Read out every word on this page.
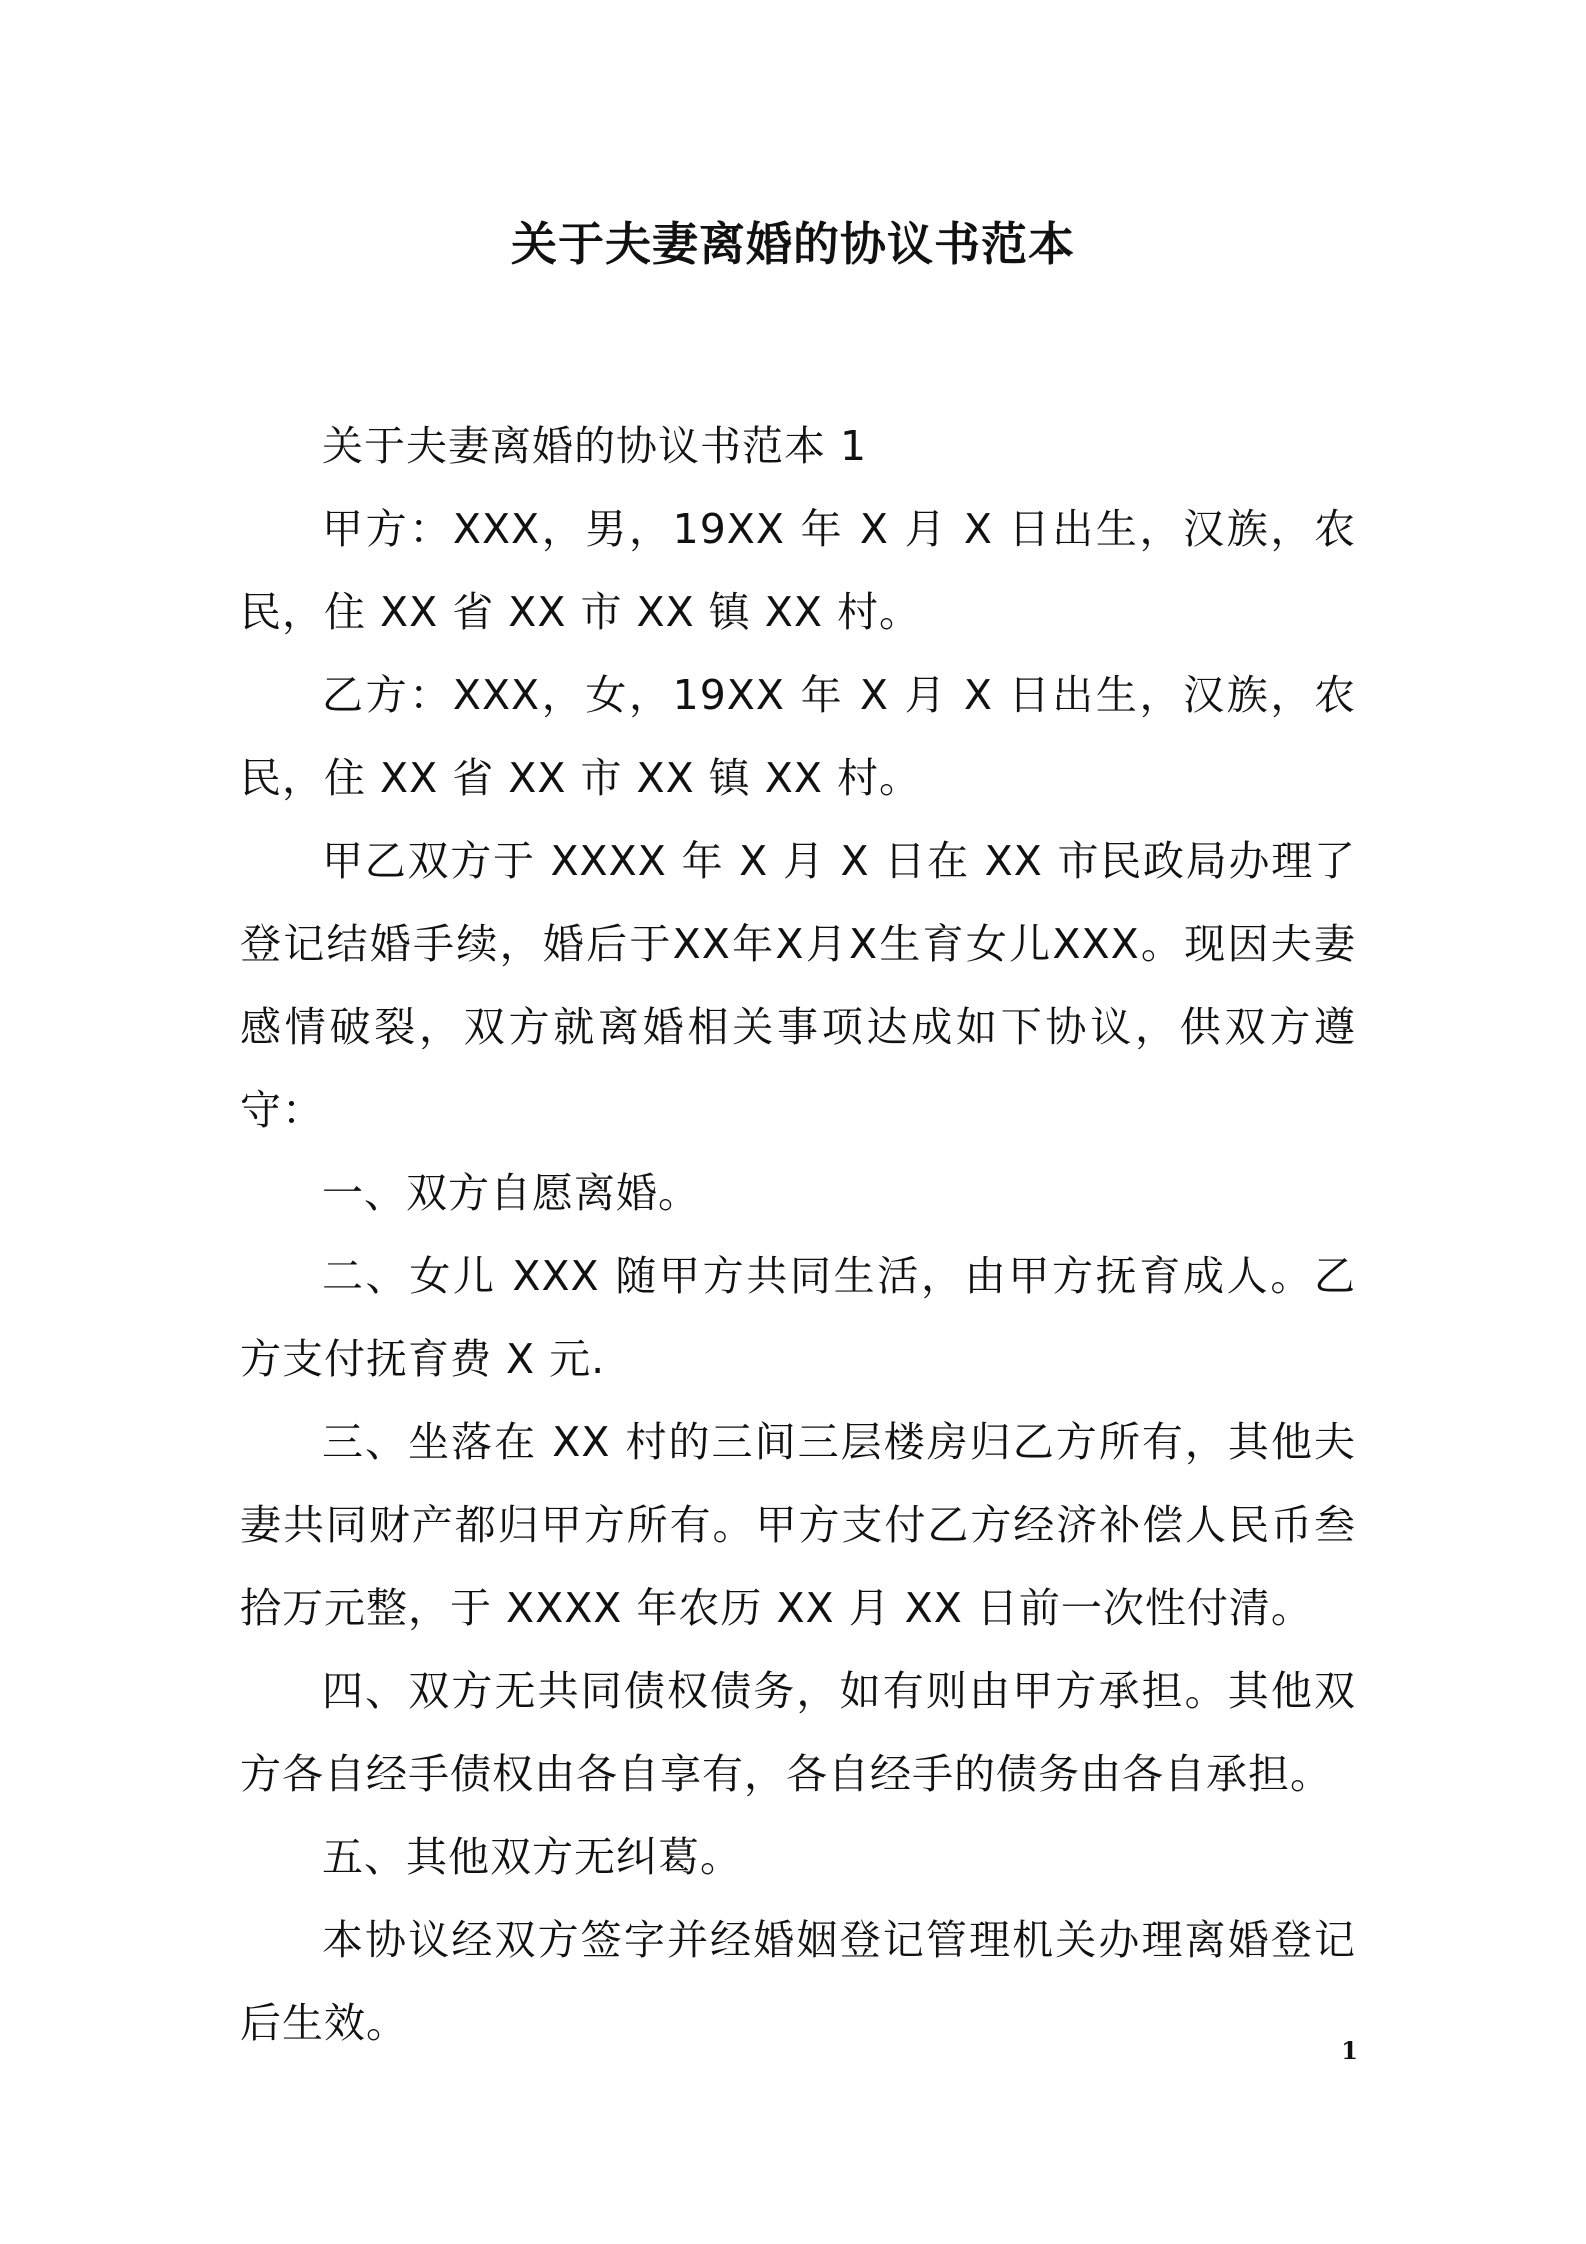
关于夫妻离婚的协议书范本

关于夫妻离婚的协议书范本 1

甲方：XXX，男，19XX 年 X 月 X 日出生，汉族，农民，住 XX 省 XX 市 XX 镇 XX 村。

乙方：XXX，女，19XX 年 X 月 X 日出生，汉族，农民，住 XX 省 XX 市 XX 镇 XX 村。

甲乙双方于 XXXX 年 X 月 X 日在 XX 市民政局办理了登记结婚手续，婚后于XX年X月X生育女儿XXX。现因夫妻感情破裂，双方就离婚相关事项达成如下协议，供双方遵守：

一、双方自愿离婚。

二、女儿 XXX 随甲方共同生活，由甲方抚育成人。乙方支付抚育费 X 元.

三、坐落在 XX 村的三间三层楼房归乙方所有，其他夫妻共同财产都归甲方所有。甲方支付乙方经济补偿人民币叁拾万元整，于 XXXX 年农历 XX 月 XX 日前一次性付清。

四、双方无共同债权债务，如有则由甲方承担。其他双方各自经手债权由各自享有，各自经手的债务由各自承担。

五、其他双方无纠葛。

本协议经双方签字并经婚姻登记管理机关办理离婚登记后生效。

1
